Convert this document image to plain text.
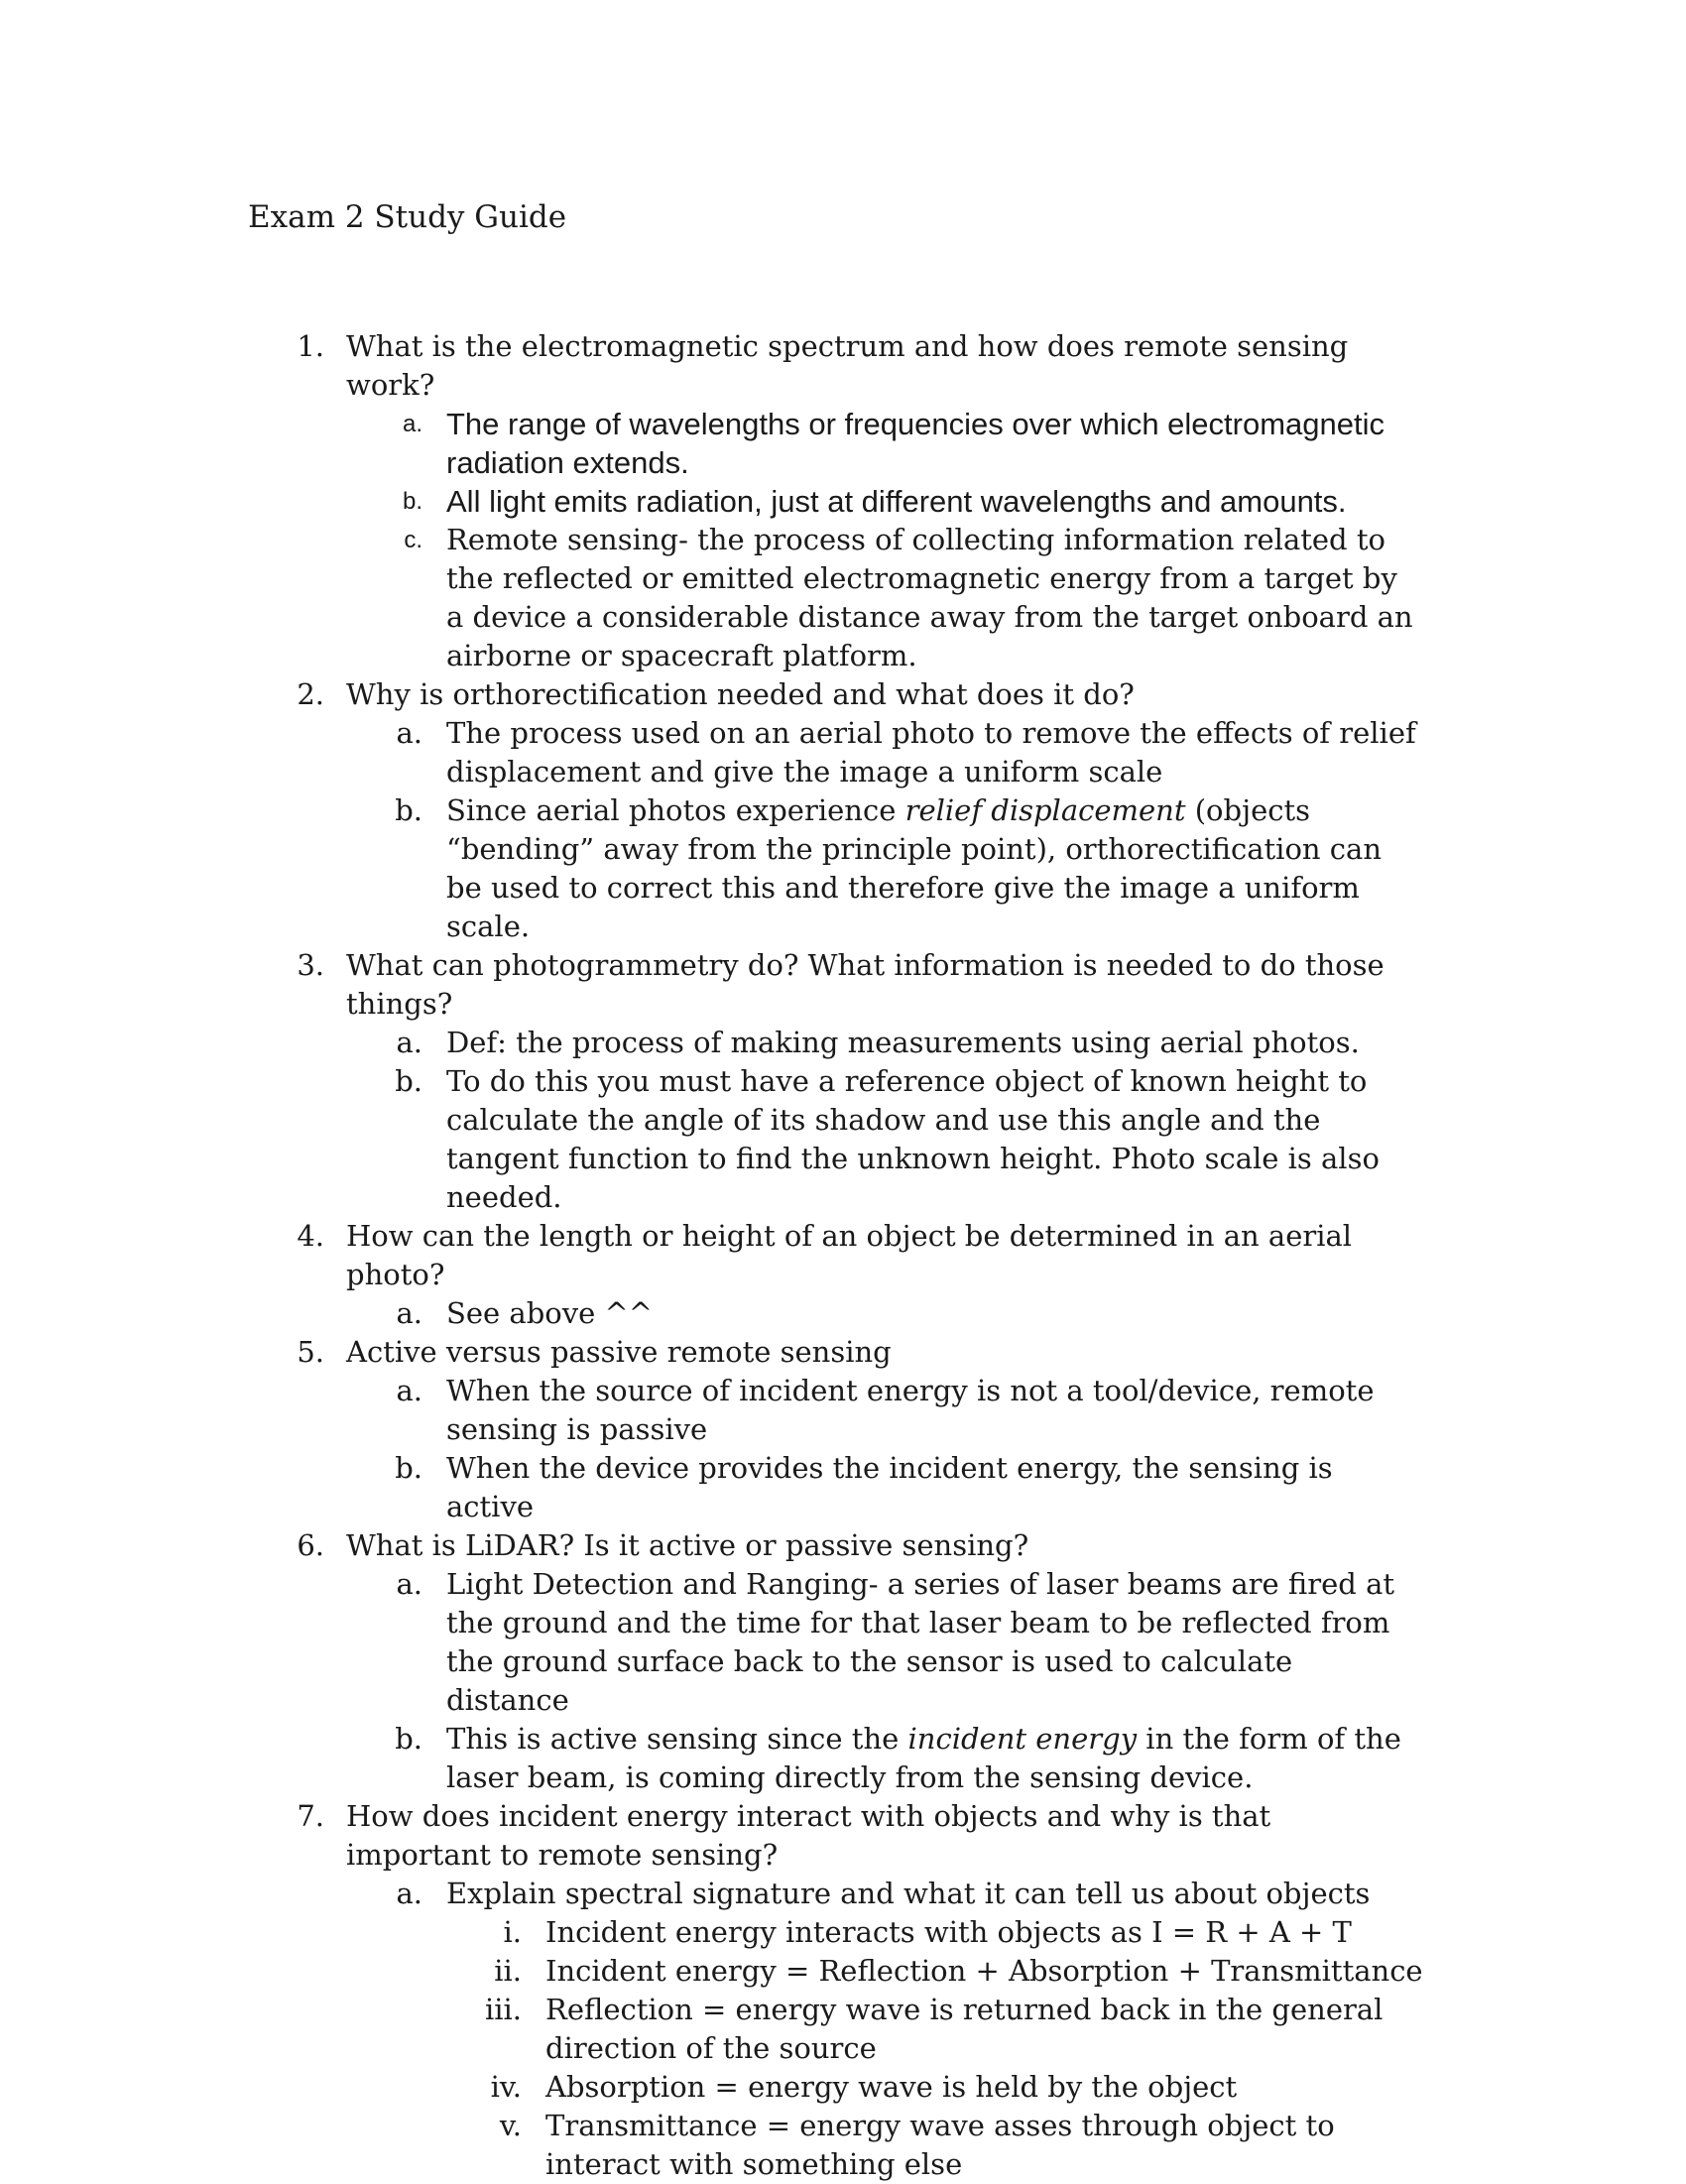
Exam 2 Study Guide
1. What is the electromagnetic spectrum and how does remote sensing work?
a. The range of wavelengths or frequencies over which electromagnetic radiation extends.
b. All light emits radiation, just at different wavelengths and amounts.
c. Remote sensing- the process of collecting information related to the reflected or emitted electromagnetic energy from a target by a device a considerable distance away from the target onboard an airborne or spacecraft platform.
2. Why is orthorectification needed and what does it do?
a. The process used on an aerial photo to remove the effects of relief displacement and give the image a uniform scale
b. Since aerial photos experience relief displacement (objects “bending” away from the principle point), orthorectification can be used to correct this and therefore give the image a uniform scale.
3. What can photogrammetry do? What information is needed to do those things?
a. Def: the process of making measurements using aerial photos.
b. To do this you must have a reference object of known height to calculate the angle of its shadow and use this angle and the tangent function to find the unknown height. Photo scale is also needed.
4. How can the length or height of an object be determined in an aerial photo?
a. See above ^^
5. Active versus passive remote sensing
a. When the source of incident energy is not a tool/device, remote sensing is passive
b. When the device provides the incident energy, the sensing is active
6. What is LiDAR? Is it active or passive sensing?
a. Light Detection and Ranging- a series of laser beams are fired at the ground and the time for that laser beam to be reflected from the ground surface back to the sensor is used to calculate distance
b. This is active sensing since the incident energy in the form of the laser beam, is coming directly from the sensing device.
7. How does incident energy interact with objects and why is that important to remote sensing?
a. Explain spectral signature and what it can tell us about objects
i. Incident energy interacts with objects as I = R + A + T
ii. Incident energy = Reflection + Absorption + Transmittance
iii. Reflection = energy wave is returned back in the general direction of the source
iv. Absorption = energy wave is held by the object
v. Transmittance = energy wave asses through object to interact with something else
